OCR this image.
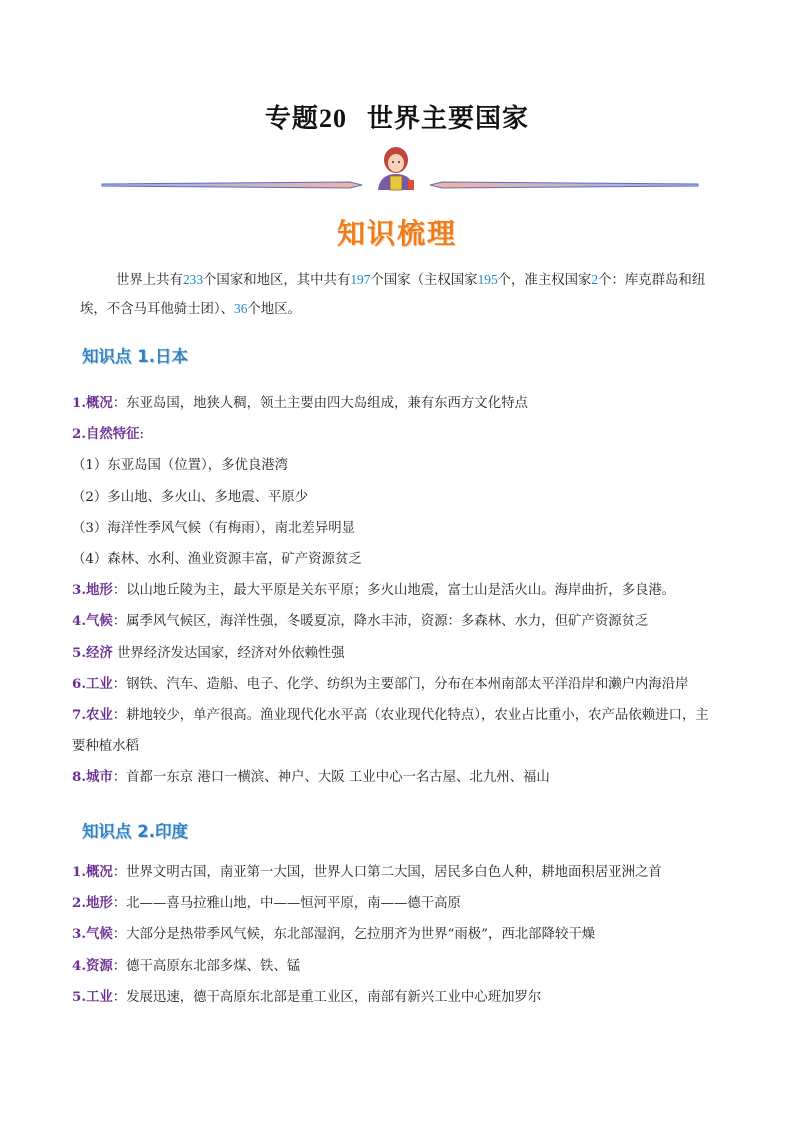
专题20 世界主要国家
知识梳理
世界上共有233个国家和地区，其中共有197个国家（主权国家195个，准主权国家2个：库克群岛和纽埃，不含马耳他骑士团）、36个地区。
知识点 1.日本
1.概况：东亚岛国，地狭人稠，领土主要由四大岛组成，兼有东西方文化特点
2.自然特征:
（1）东亚岛国（位置），多优良港湾
（2）多山地、多火山、多地震、平原少
（3）海洋性季风气候（有梅雨），南北差异明显
（4）森林、水利、渔业资源丰富，矿产资源贫乏
3.地形：以山地丘陵为主，最大平原是关东平原；多火山地震，富士山是活火山。海岸曲折，多良港。
4.气候：属季风气候区，海洋性强，冬暖夏凉，降水丰沛，资源：多森林、水力，但矿产资源贫乏
5.经济 世界经济发达国家，经济对外依赖性强
6.工业：钢铁、汽车、造船、电子、化学、纺织为主要部门，分布在本州南部太平洋沿岸和濑户内海沿岸
7.农业：耕地较少，单产很高。渔业现代化水平高（农业现代化特点），农业占比重小，农产品依赖进口，主要种植水稻
8.城市：首都一东京 港口一横滨、神户、大阪 工业中心一名古屋、北九州、福山
知识点 2.印度
1.概况：世界文明古国，南亚第一大国，世界人口第二大国，居民多白色人种，耕地面积居亚洲之首
2.地形：北——喜马拉雅山地，中——恒河平原，南——德干高原
3.气候：大部分是热带季风气候，东北部湿润，乞拉朋齐为世界“雨极”，西北部降较干燥
4.资源：德干高原东北部多煤、铁、锰
5.工业：发展迅速，德干高原东北部是重工业区，南部有新兴工业中心班加罗尔
